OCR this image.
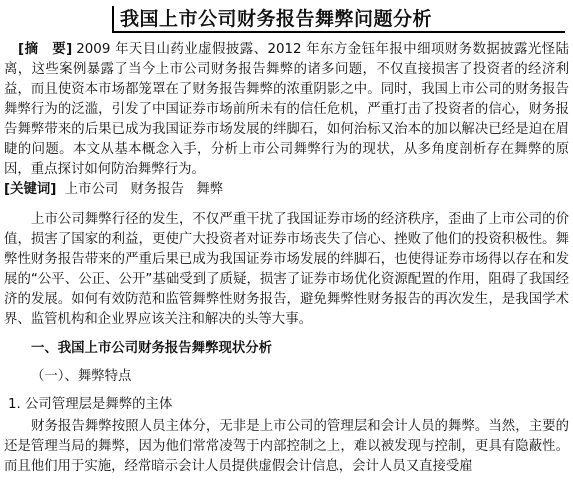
我国上市公司财务报告舞弊问题分析

[摘　要] 2009 年天目山药业虚假披露、2012 年东方金钰年报中细项财务数据披露光怪陆离，这些案例暴露了当今上市公司财务报告舞弊的诸多问题，不仅直接损害了投资者的经济利益，而且使资本市场都笼罩在了财务报告舞弊的浓重阴影之中。同时，我国上市公司的财务报告舞弊行为的泛滥，引发了中国证券市场前所未有的信任危机，严重打击了投资者的信心，财务报告舞弊带来的后果已成为我国证券市场发展的绊脚石，如何治标又治本的加以解决已经是迫在眉睫的问题。本文从基本概念入手，分析上市公司舞弊行为的现状，从多角度剖析存在舞弊的原因，重点探讨如何防治舞弊行为。

[关键词] 上市公司 财务报告 舞弊

上市公司舞弊行径的发生，不仅严重干扰了我国证券市场的经济秩序，歪曲了上市公司的价值，损害了国家的利益，更使广大投资者对证券市场丧失了信心、挫败了他们的投资积极性。舞弊性财务报告带来的严重后果已成为我国证券市场发展的绊脚石，也使得证券市场得以存在和发展的“公平、公正、公开”基础受到了质疑，损害了证券市场优化资源配置的作用，阻碍了我国经济的发展。如何有效防范和监管舞弊性财务报告，避免舞弊性财务报告的再次发生，是我国学术界、监管机构和企业界应该关注和解决的头等大事。

一、我国上市公司财务报告舞弊现状分析

（一）、舞弊特点

1. 公司管理层是舞弊的主体

财务报告舞弊按照人员主体分，无非是上市公司的管理层和会计人员的舞弊。当然，主要的还是管理当局的舞弊，因为他们常常凌驾于内部控制之上，难以被发现与控制，更具有隐蔽性。而且他们用于实施，经常暗示会计人员提供虚假会计信息，会计人员又直接受雇
